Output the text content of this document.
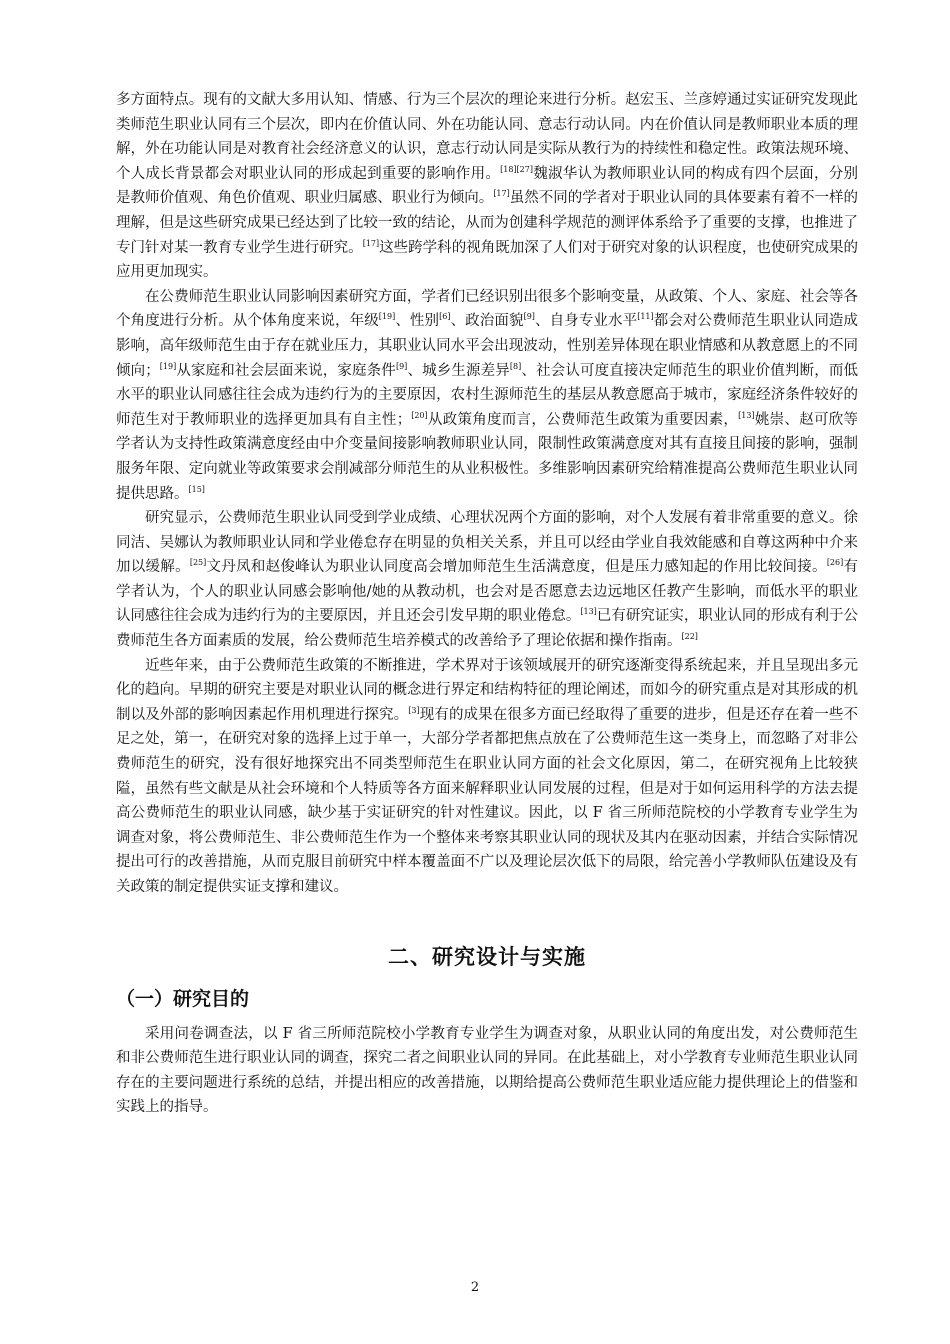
多方面特点。现有的文献大多用认知、情感、行为三个层次的理论来进行分析。赵宏玉、兰彦婷通过实证研究发现此类师范生职业认同有三个层次，即内在价值认同、外在功能认同、意志行动认同。内在价值认同是教师职业本质的理解，外在功能认同是对教育社会经济意义的认识，意志行动认同是实际从教行为的持续性和稳定性。政策法规环境、个人成长背景都会对职业认同的形成起到重要的影响作用。[18][27]魏淑华认为教师职业认同的构成有四个层面，分别是教师价值观、角色价值观、职业归属感、职业行为倾向。[17]虽然不同的学者对于职业认同的具体要素有着不一样的理解，但是这些研究成果已经达到了比较一致的结论，从而为创建科学规范的测评体系给予了重要的支撑，也推进了专门针对某一教育专业学生进行研究。[17]这些跨学科的视角既加深了人们对于研究对象的认识程度，也使研究成果的应用更加现实。

在公费师范生职业认同影响因素研究方面，学者们已经识别出很多个影响变量，从政策、个人、家庭、社会等各个角度进行分析。从个体角度来说，年级[19]、性别[6]、政治面貌[9]、自身专业水平[11]都会对公费师范生职业认同造成影响，高年级师范生由于存在就业压力，其职业认同水平会出现波动，性别差异体现在职业情感和从教意愿上的不同倾向；[19]从家庭和社会层面来说，家庭条件[9]、城乡生源差异[8]、社会认可度直接决定师范生的职业价值判断，而低水平的职业认同感往往会成为违约行为的主要原因，农村生源师范生的基层从教意愿高于城市，家庭经济条件较好的师范生对于教师职业的选择更加具有自主性；[20]从政策角度而言，公费师范生政策为重要因素，[13]姚崇、赵可欣等学者认为支持性政策满意度经由中介变量间接影响教师职业认同，限制性政策满意度对其有直接且间接的影响，强制服务年限、定向就业等政策要求会削减部分师范生的从业积极性。多维影响因素研究给精准提高公费师范生职业认同提供思路。[15]

研究显示，公费师范生职业认同受到学业成绩、心理状况两个方面的影响，对个人发展有着非常重要的意义。徐同洁、吴娜认为教师职业认同和学业倦怠存在明显的负相关关系，并且可以经由学业自我效能感和自尊这两种中介来加以缓解。[25]文丹凤和赵俊峰认为职业认同度高会增加师范生生活满意度，但是压力感知起的作用比较间接。[26]有学者认为，个人的职业认同感会影响他/她的从教动机，也会对是否愿意去边远地区任教产生影响，而低水平的职业认同感往往会成为违约行为的主要原因，并且还会引发早期的职业倦怠。[13]已有研究证实，职业认同的形成有利于公费师范生各方面素质的发展，给公费师范生培养模式的改善给予了理论依据和操作指南。[22]

近些年来，由于公费师范生政策的不断推进，学术界对于该领域展开的研究逐渐变得系统起来，并且呈现出多元化的趋向。早期的研究主要是对职业认同的概念进行界定和结构特征的理论阐述，而如今的研究重点是对其形成的机制以及外部的影响因素起作用机理进行探究。[3]现有的成果在很多方面已经取得了重要的进步，但是还存在着一些不足之处，第一，在研究对象的选择上过于单一，大部分学者都把焦点放在了公费师范生这一类身上，而忽略了对非公费师范生的研究，没有很好地探究出不同类型师范生在职业认同方面的社会文化原因，第二，在研究视角上比较狭隘，虽然有些文献是从社会环境和个人特质等各方面来解释职业认同发展的过程，但是对于如何运用科学的方法去提高公费师范生的职业认同感，缺少基于实证研究的针对性建议。因此，以 F 省三所师范院校的小学教育专业学生为调查对象，将公费师范生、非公费师范生作为一个整体来考察其职业认同的现状及其内在驱动因素，并结合实际情况提出可行的改善措施，从而克服目前研究中样本覆盖面不广以及理论层次低下的局限，给完善小学教师队伍建设及有关政策的制定提供实证支撑和建议。

二、研究设计与实施
（一）研究目的

采用问卷调查法，以 F 省三所师范院校小学教育专业学生为调查对象，从职业认同的角度出发，对公费师范生和非公费师范生进行职业认同的调查，探究二者之间职业认同的异同。在此基础上，对小学教育专业师范生职业认同存在的主要问题进行系统的总结，并提出相应的改善措施，以期给提高公费师范生职业适应能力提供理论上的借鉴和实践上的指导。

2
